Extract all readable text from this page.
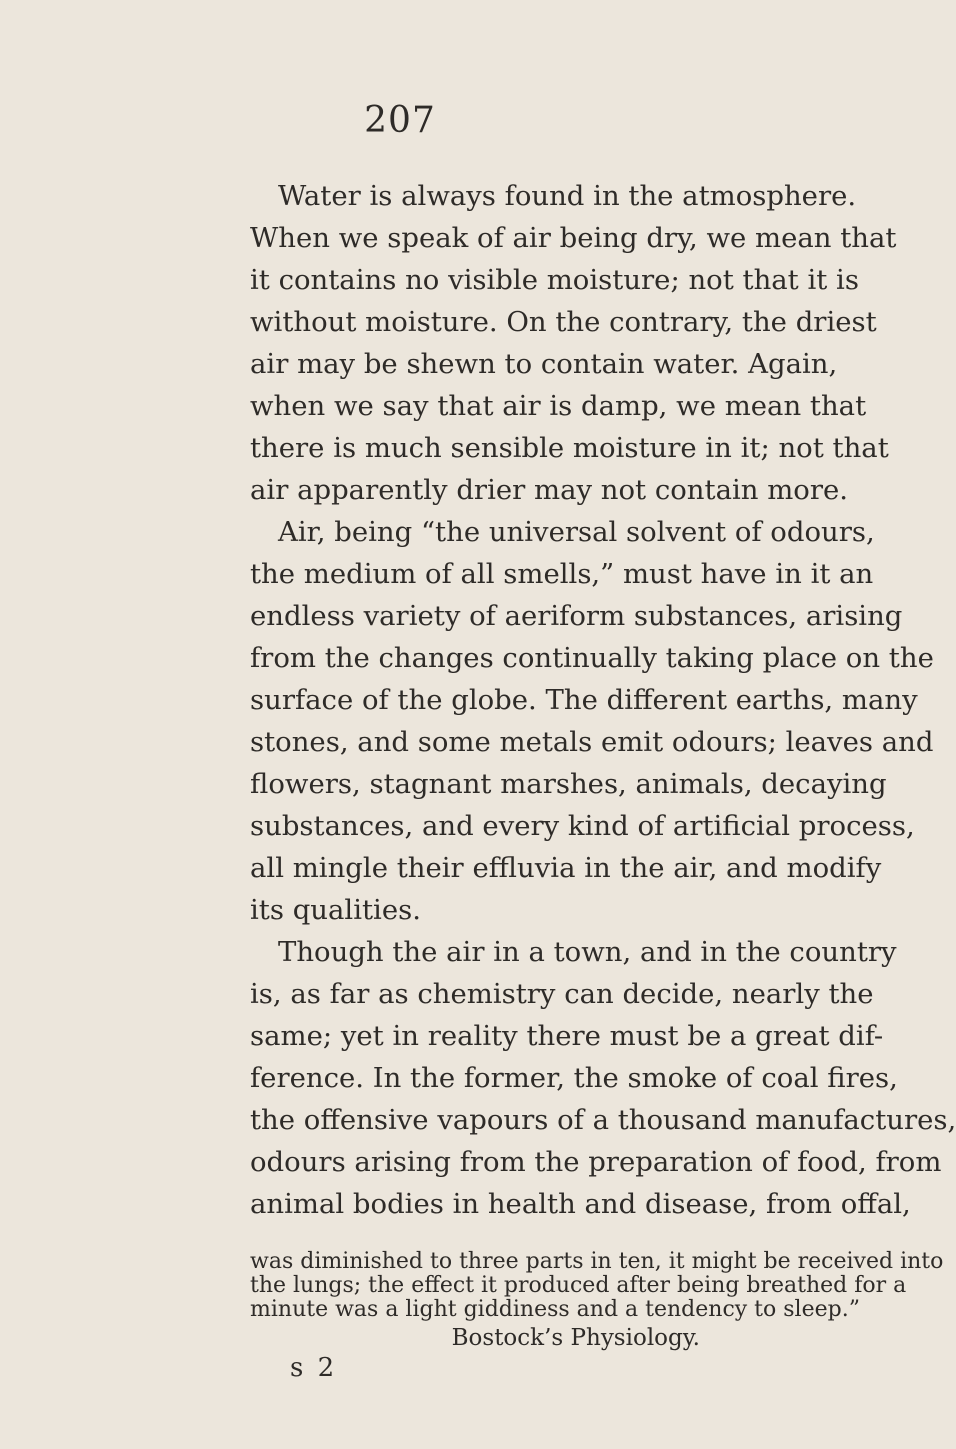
207
Water is always found in the atmosphere.
When we speak of air being dry, we mean that
it contains no visible moisture; not that it is
without moisture. On the contrary, the driest
air may be shewn to contain water. Again,
when we say that air is damp, we mean that
there is much sensible moisture in it; not that
air apparently drier may not contain more.
Air, being “the universal solvent of odours,
the medium of all smells,” must have in it an
endless variety of aeriform substances, arising
from the changes continually taking place on the
surface of the globe. The different earths, many
stones, and some metals emit odours; leaves and
flowers, stagnant marshes, animals, decaying
substances, and every kind of artificial process,
all mingle their effluvia in the air, and modify
its qualities.
Though the air in a town, and in the country
is, as far as chemistry can decide, nearly the
same; yet in reality there must be a great dif-
ference. In the former, the smoke of coal fires,
the offensive vapours of a thousand manufactures,
odours arising from the preparation of food, from
animal bodies in health and disease, from offal,
was diminished to three parts in ten, it might be received into
the lungs; the effect it produced after being breathed for a
minute was a light giddiness and a tendency to sleep.”
Bostock’s Physiology.
s 2
